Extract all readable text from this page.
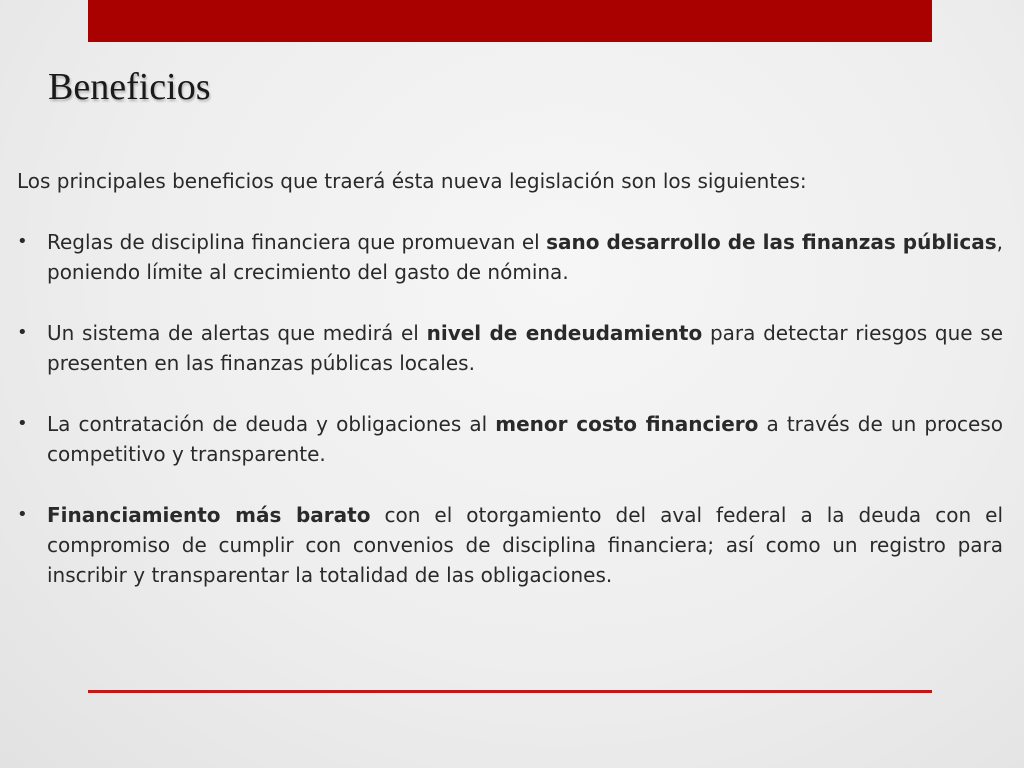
Beneficios

Los principales beneficios que traerá ésta nueva legislación son los siguientes:

• Reglas de disciplina financiera que promuevan el sano desarrollo de las finanzas públicas, poniendo límite al crecimiento del gasto de nómina.
• Un sistema de alertas que medirá el nivel de endeudamiento para detectar riesgos que se presenten en las finanzas públicas locales.
• La contratación de deuda y obligaciones al menor costo financiero a través de un proceso competitivo y transparente.
• Financiamiento más barato con el otorgamiento del aval federal a la deuda con el compromiso de cumplir con convenios de disciplina financiera; así como un registro para inscribir y transparentar la totalidad de las obligaciones.
